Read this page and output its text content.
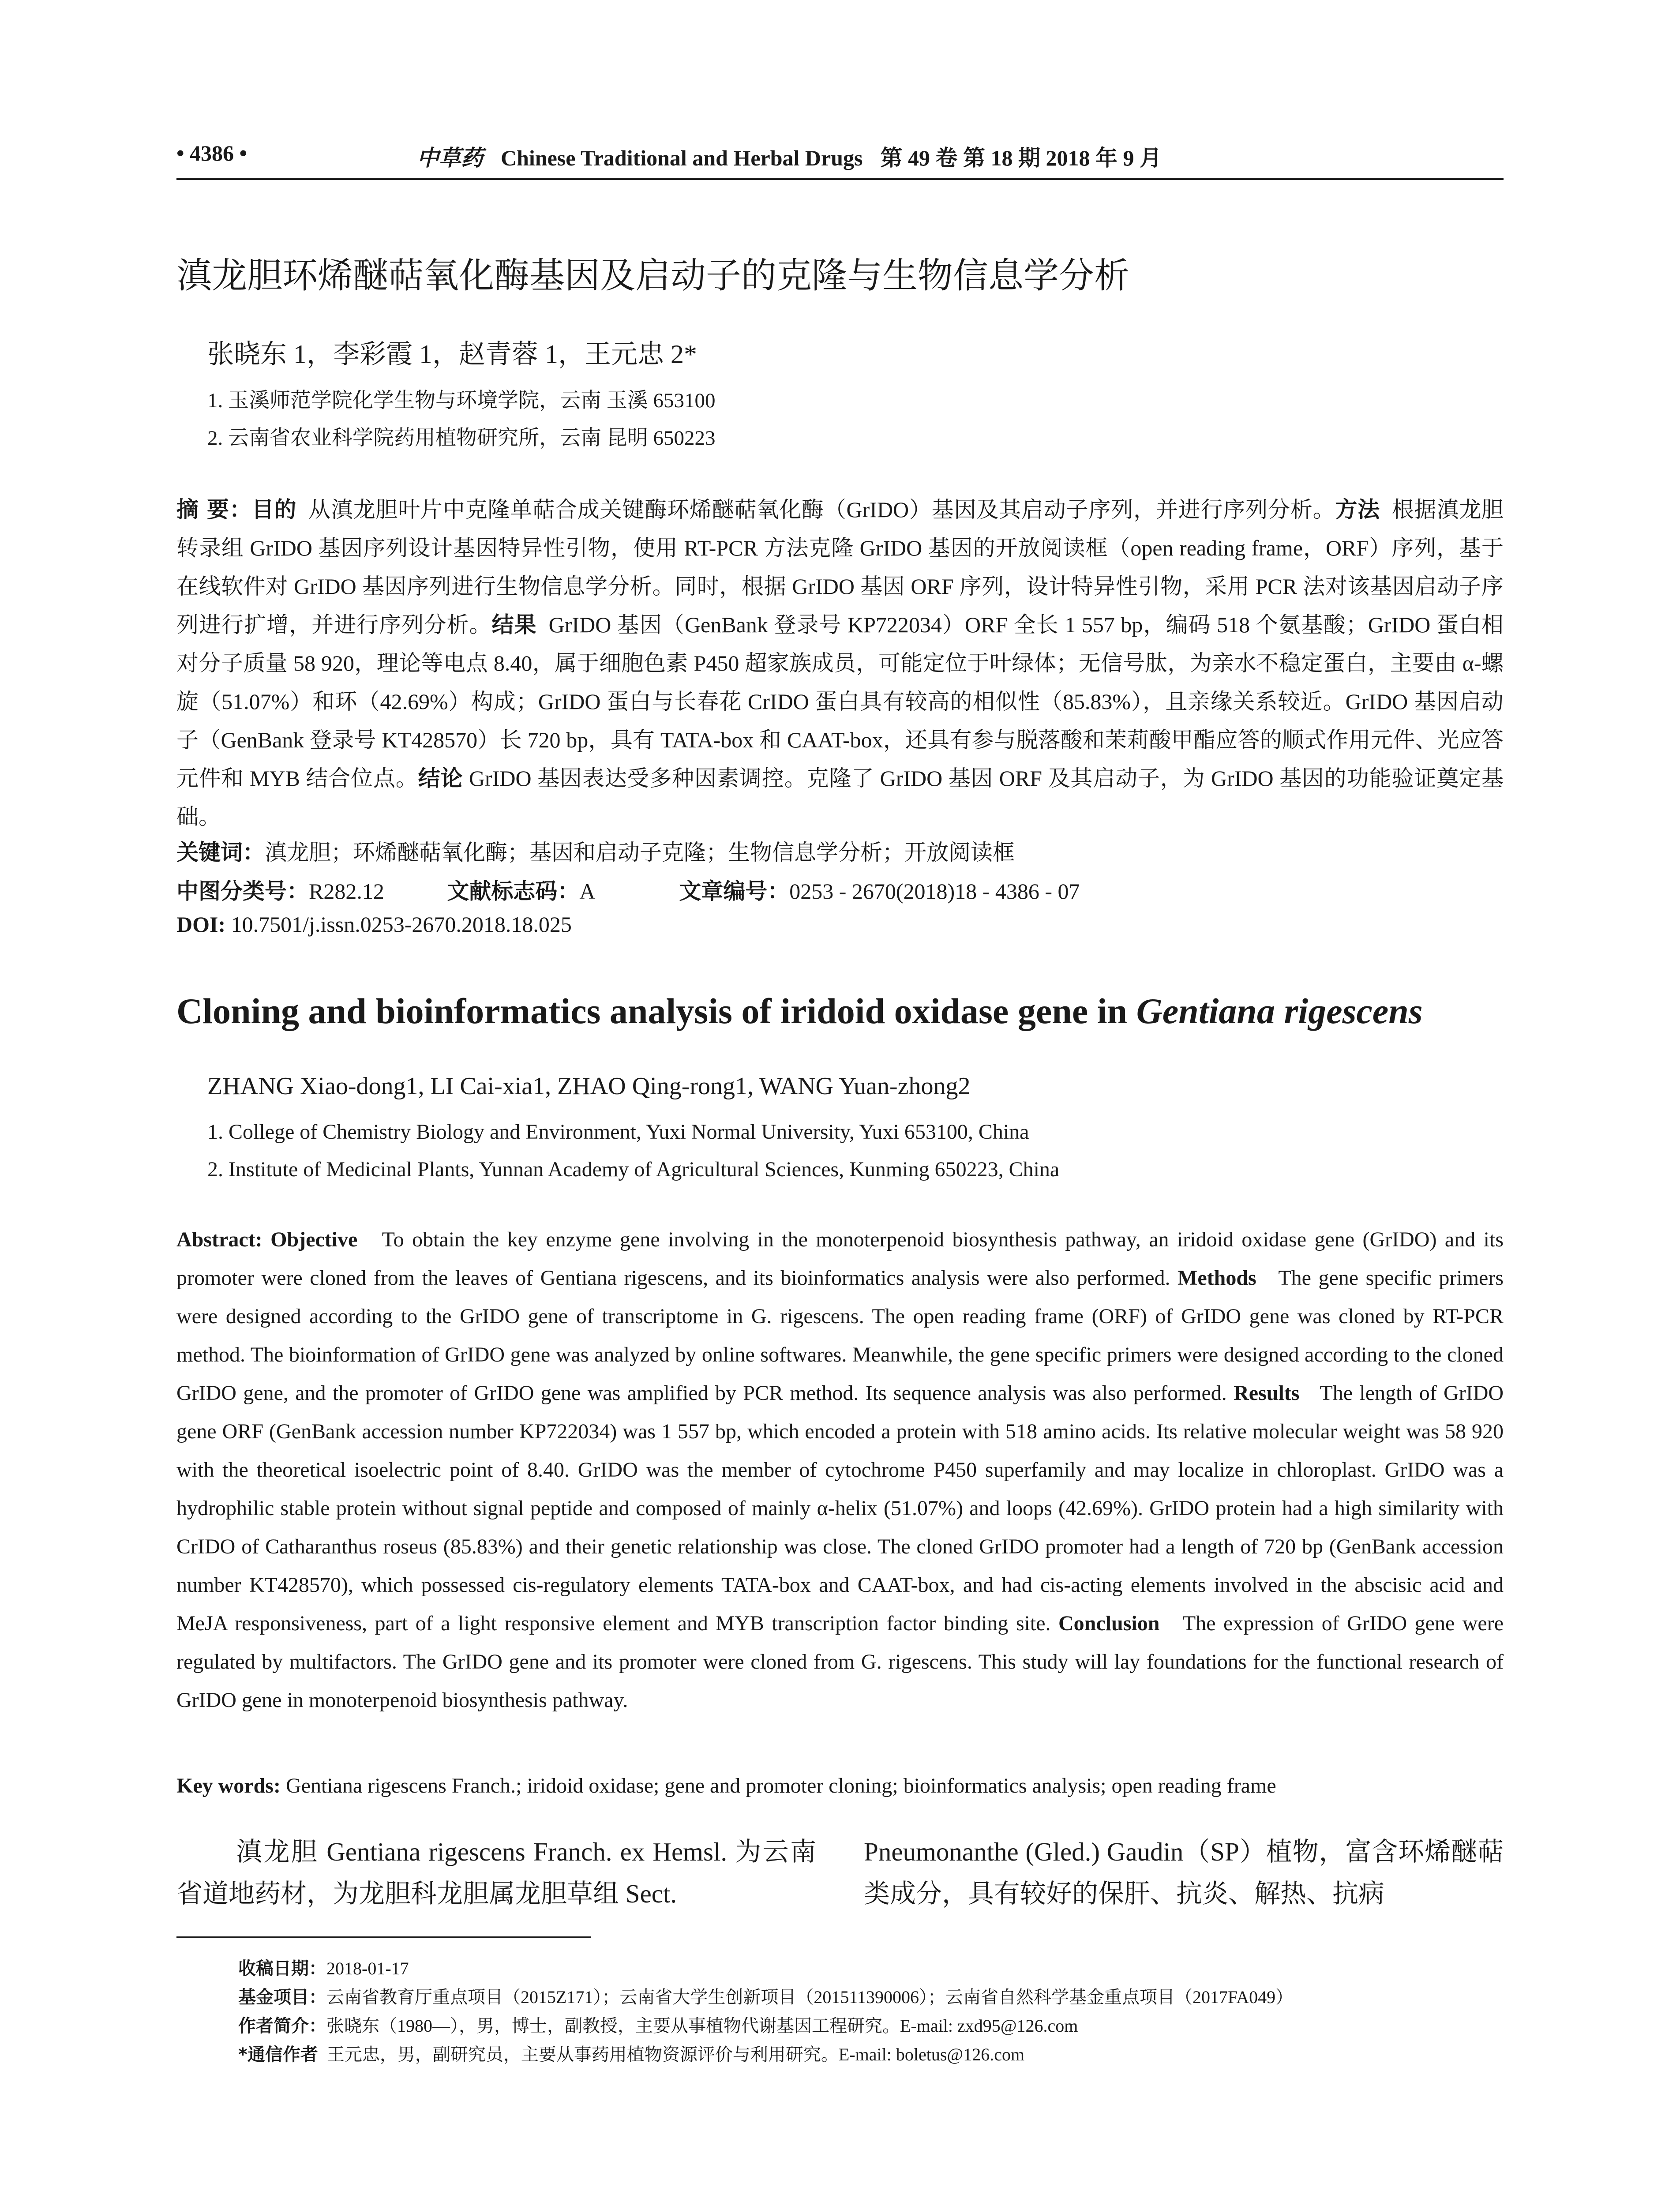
• 4386 •	中草药 Chinese Traditional and Herbal Drugs 第 49 卷 第 18 期 2018 年 9 月
滇龙胆环烯醚萜氧化酶基因及启动子的克隆与生物信息学分析
张晓东 1，李彩霞 1，赵青蓉 1，王元忠 2*
1. 玉溪师范学院化学生物与环境学院，云南 玉溪 653100
2. 云南省农业科学院药用植物研究所，云南 昆明 650223
摘 要：目的 从滇龙胆叶片中克隆单萜合成关键酶环烯醚萜氧化酶（GrIDO）基因及其启动子序列，并进行序列分析。方法 根据滇龙胆转录组 GrIDO 基因序列设计基因特异性引物，使用 RT-PCR 方法克隆 GrIDO 基因的开放阅读框（open reading frame，ORF）序列，基于在线软件对 GrIDO 基因序列进行生物信息学分析。同时，根据 GrIDO 基因 ORF 序列，设计特异性引物，采用 PCR 法对该基因启动子序列进行扩增，并进行序列分析。结果 GrIDO 基因（GenBank 登录号 KP722034）ORF 全长 1 557 bp，编码 518 个氨基酸；GrIDO 蛋白相对分子质量 58 920，理论等电点 8.40，属于细胞色素 P450 超家族成员，可能定位于叶绿体；无信号肽，为亲水不稳定蛋白，主要由 α-螺旋（51.07%）和环（42.69%）构成；GrIDO 蛋白与长春花 CrIDO 蛋白具有较高的相似性（85.83%），且亲缘关系较近。GrIDO 基因启动子（GenBank 登录号 KT428570）长 720 bp，具有 TATA-box 和 CAAT-box，还具有参与脱落酸和茉莉酸甲酯应答的顺式作用元件、光应答元件和 MYB 结合位点。结论 GrIDO 基因表达受多种因素调控。克隆了 GrIDO 基因 ORF 及其启动子，为 GrIDO 基因的功能验证奠定基础。
关键词：滇龙胆；环烯醚萜氧化酶；基因和启动子克隆；生物信息学分析；开放阅读框
中图分类号：R282.12	文献标志码：A	文章编号：0253 - 2670(2018)18 - 4386 - 07
DOI: 10.7501/j.issn.0253-2670.2018.18.025
Cloning and bioinformatics analysis of iridoid oxidase gene in Gentiana rigescens
ZHANG Xiao-dong1, LI Cai-xia1, ZHAO Qing-rong1, WANG Yuan-zhong2
1. College of Chemistry Biology and Environment, Yuxi Normal University, Yuxi 653100, China
2. Institute of Medicinal Plants, Yunnan Academy of Agricultural Sciences, Kunming 650223, China
Abstract: Objective To obtain the key enzyme gene involving in the monoterpenoid biosynthesis pathway, an iridoid oxidase gene (GrIDO) and its promoter were cloned from the leaves of Gentiana rigescens, and its bioinformatics analysis were also performed. Methods The gene specific primers were designed according to the GrIDO gene of transcriptome in G. rigescens. The open reading frame (ORF) of GrIDO gene was cloned by RT-PCR method. The bioinformation of GrIDO gene was analyzed by online softwares. Meanwhile, the gene specific primers were designed according to the cloned GrIDO gene, and the promoter of GrIDO gene was amplified by PCR method. Its sequence analysis was also performed. Results The length of GrIDO gene ORF (GenBank accession number KP722034) was 1 557 bp, which encoded a protein with 518 amino acids. Its relative molecular weight was 58 920 with the theoretical isoelectric point of 8.40. GrIDO was the member of cytochrome P450 superfamily and may localize in chloroplast. GrIDO was a hydrophilic stable protein without signal peptide and composed of mainly α-helix (51.07%) and loops (42.69%). GrIDO protein had a high similarity with CrIDO of Catharanthus roseus (85.83%) and their genetic relationship was close. The cloned GrIDO promoter had a length of 720 bp (GenBank accession number KT428570), which possessed cis-regulatory elements TATA-box and CAAT-box, and had cis-acting elements involved in the abscisic acid and MeJA responsiveness, part of a light responsive element and MYB transcription factor binding site. Conclusion The expression of GrIDO gene were regulated by multifactors. The GrIDO gene and its promoter were cloned from G. rigescens. This study will lay foundations for the functional research of GrIDO gene in monoterpenoid biosynthesis pathway.
Key words: Gentiana rigescens Franch.; iridoid oxidase; gene and promoter cloning; bioinformatics analysis; open reading frame
滇龙胆 Gentiana rigescens Franch. ex Hemsl. 为云南省道地药材，为龙胆科龙胆属龙胆草组 Sect.
Pneumonanthe (Gled.) Gaudin（SP）植物，富含环烯醚萜类成分，具有较好的保肝、抗炎、解热、抗病
收稿日期：2018-01-17
基金项目：云南省教育厅重点项目（2015Z171）；云南省大学生创新项目（201511390006）；云南省自然科学基金重点项目（2017FA049）
作者简介：张晓东（1980—），男，博士，副教授，主要从事植物代谢基因工程研究。E-mail: zxd95@126.com
*通信作者 王元忠，男，副研究员，主要从事药用植物资源评价与利用研究。E-mail: boletus@126.com
